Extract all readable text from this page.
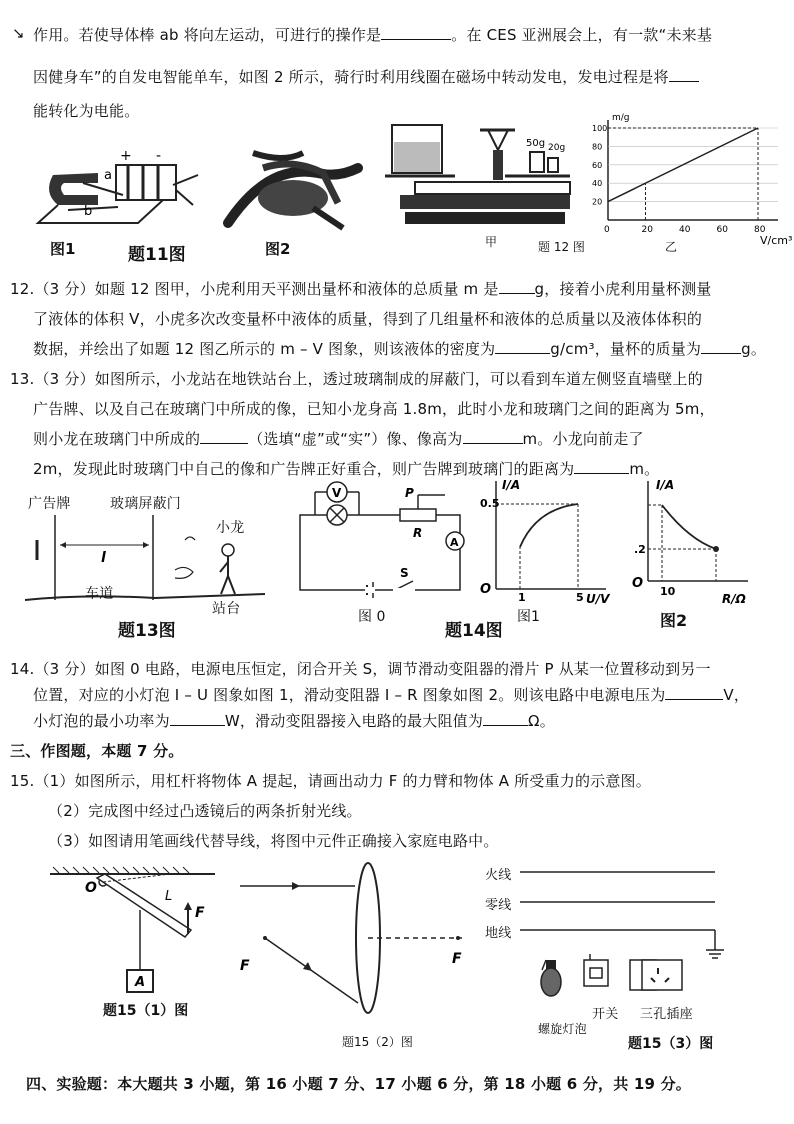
↘ 作用。若使导体棒 ab 将向左运动，可进行的操作是	。在 CES 亚洲展会上，有一款“未来基
因健身车”的自发电智能单车，如图 2 所示，骑行时利用线圈在磁场中转动发电，发电过程是将
能转化为电能。
a
b
+ -
图1	题11图	图2
50g 20g
甲	题 12 图
m/g
V/cm³
100
80
60
40
20
0	20	40	60	80
乙
12.（3 分）如题 12 图甲，小虎利用天平测出量杯和液体的总质量 m 是 g，接着小虎利用量杯测量
了液体的体积 V，小虎多次改变量杯中液体的质量，得到了几组量杯和液体的总质量以及液体体积的
数据，并绘出了如题 12 图乙所示的 m – V 图象，则该液体的密度为	g/cm³，量杯的质量为	g。
13.（3 分）如图所示，小龙站在地铁站台上，透过玻璃制成的屏蔽门，可以看到车道左侧竖直墙壁上的
广告牌、以及自己在玻璃门中所成的像，已知小龙身高 1.8m，此时小龙和玻璃门之间的距离为 5m，
则小龙在玻璃门中所成的	（选填“虚”或“实”）像、像高为	m。小龙向前走了
2m，发现此时玻璃门中自己的像和广告牌正好重合，则广告牌到玻璃门的距离为	m。
广告牌	玻璃屏蔽门
小龙
l
车道
站台
题13图
V	P
R
A
S
图 0
题14图
I/A
U/V
O
0.5
1	5
图1
I/A
R/Ω
O
.2
10
图2
14.（3 分）如图 0 电路，电源电压恒定，闭合开关 S，调节滑动变阻器的滑片 P 从某一位置移动到另一
位置，对应的小灯泡 I – U 图象如图 1，滑动变阻器 I – R 图象如图 2。则该电路中电源电压为	V，
小灯泡的最小功率为	W，滑动变阻器接入电路的最大阻值为	Ω。
三、作图题，本题 7 分。
15.（1）如图所示，用杠杆将物体 A 提起，请画出动力 F 的力臂和物体 A 所受重力的示意图。
（2）完成图中经过凸透镜后的两条折射光线。
（3）如图请用笔画线代替导线，将图中元件正确接入家庭电路中。
O
L
F
A
题15（1）图
F	F
题15（2）图
火线
零线
地线
螺旋灯泡
开关 三孔插座
题15（3）图
四、实验题：本大题共 3 小题，第 16 小题 7 分、17 小题 6 分，第 18 小题 6 分，共 19 分。
